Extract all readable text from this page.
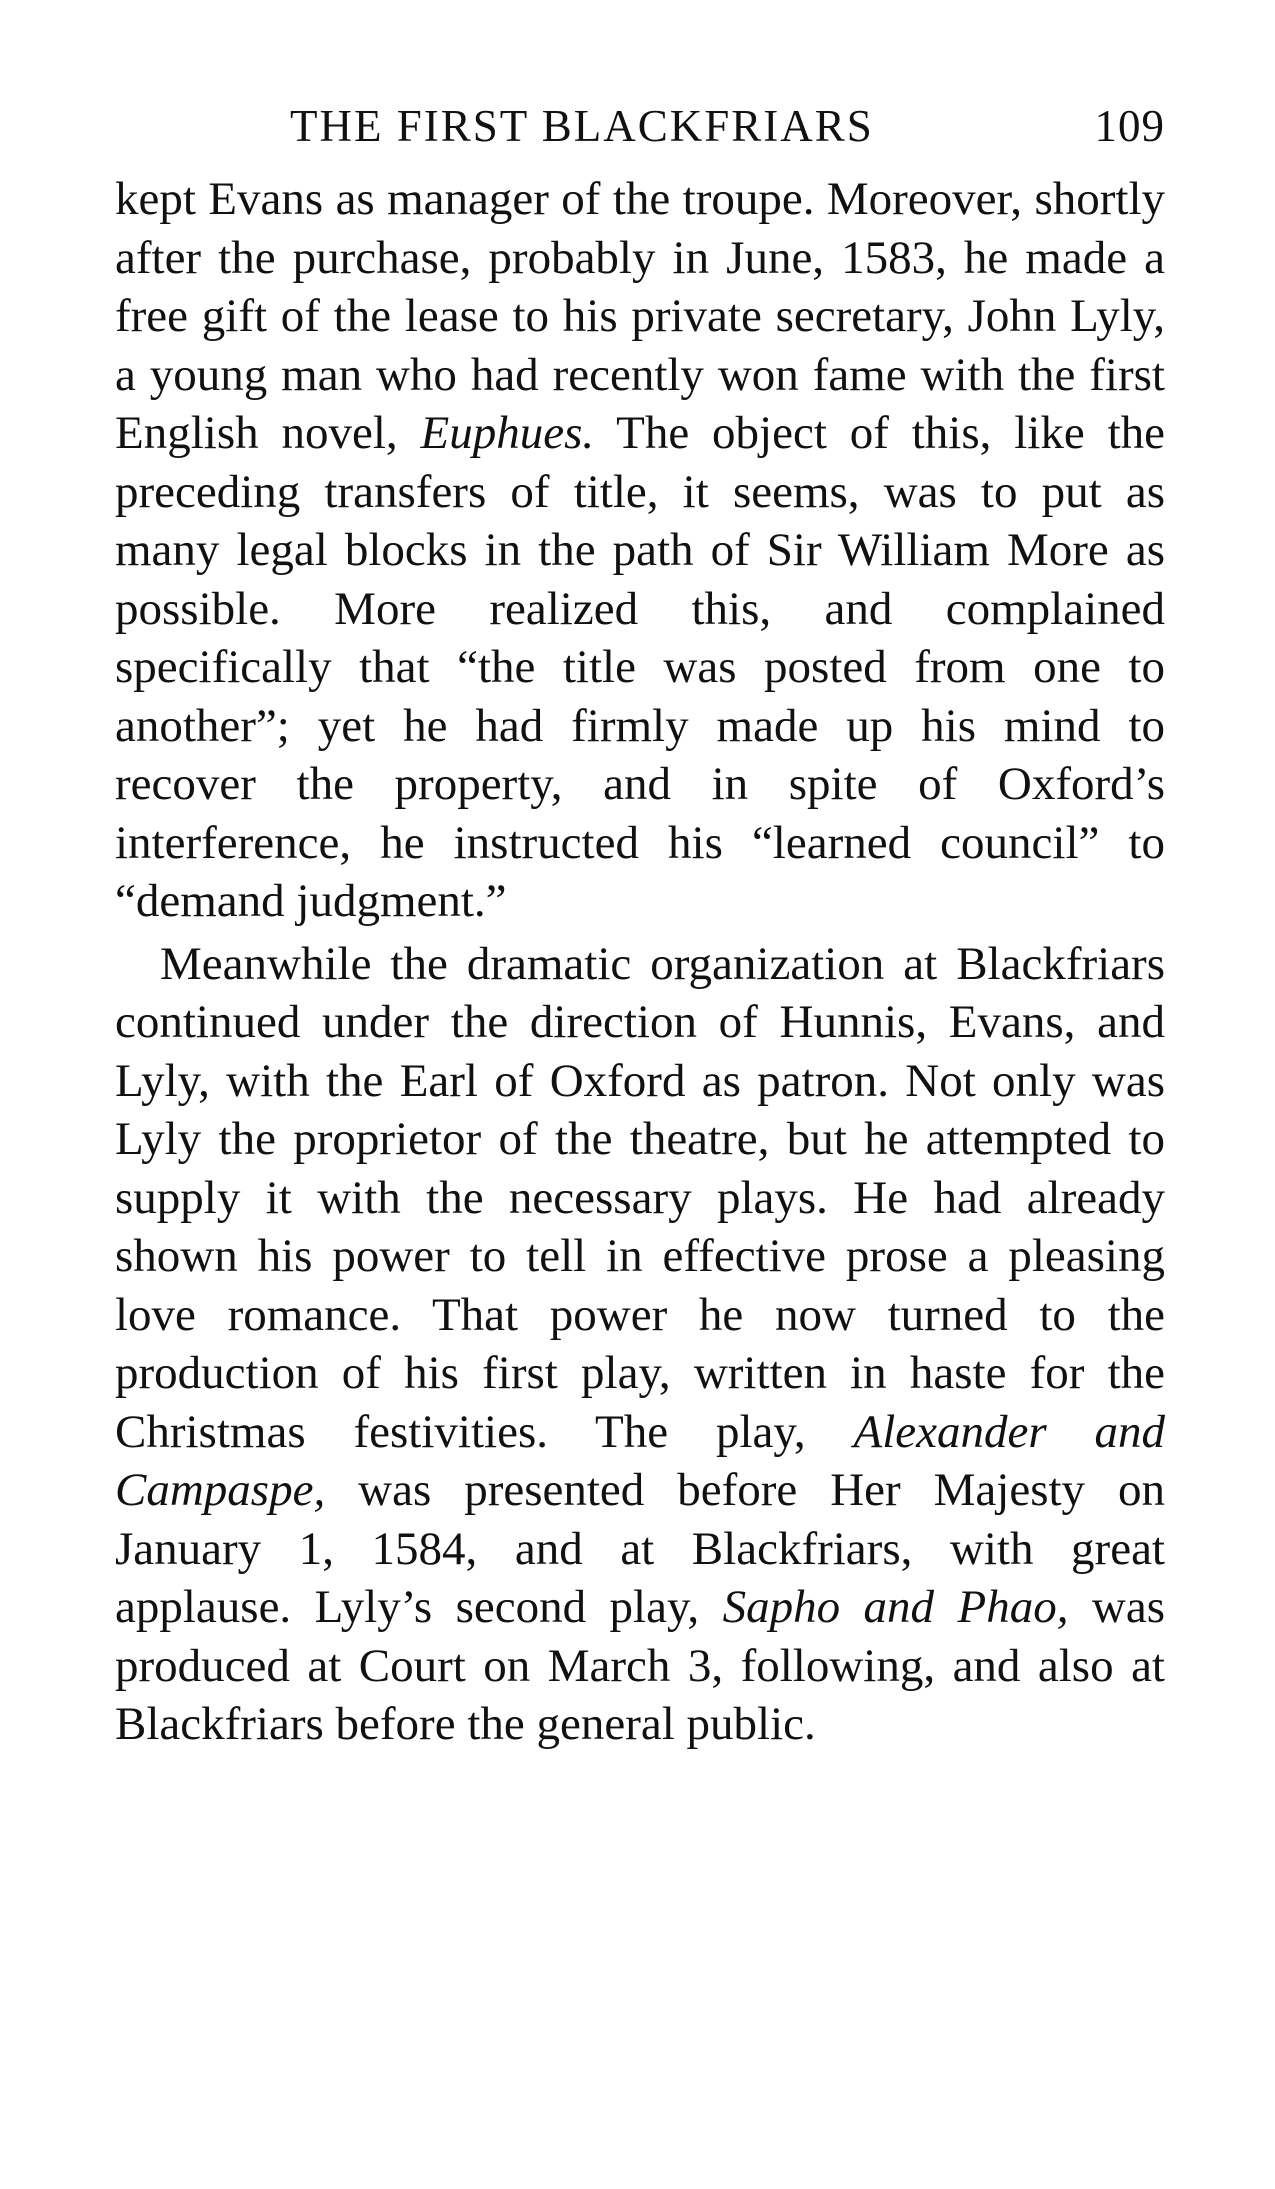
THE FIRST BLACKFRIARS	109

kept Evans as manager of the troupe. Moreover, shortly after the purchase, probably in June, 1583, he made a free gift of the lease to his private secretary, John Lyly, a young man who had recently won fame with the first English novel, Euphues. The object of this, like the preceding transfers of title, it seems, was to put as many legal blocks in the path of Sir William More as possible. More realized this, and complained specifically that “the title was posted from one to another”; yet he had firmly made up his mind to recover the property, and in spite of Oxford’s interference, he instructed his “learned council” to “demand judgment.”

Meanwhile the dramatic organization at Blackfriars continued under the direction of Hunnis, Evans, and Lyly, with the Earl of Oxford as patron. Not only was Lyly the proprietor of the theatre, but he attempted to supply it with the necessary plays. He had already shown his power to tell in effective prose a pleasing love romance. That power he now turned to the production of his first play, written in haste for the Christmas festivities. The play, Alexander and Campaspe, was presented before Her Majesty on January 1, 1584, and at Blackfriars, with great applause. Lyly’s second play, Sapho and Phao, was produced at Court on March 3, following, and also at Blackfriars before the general public.
